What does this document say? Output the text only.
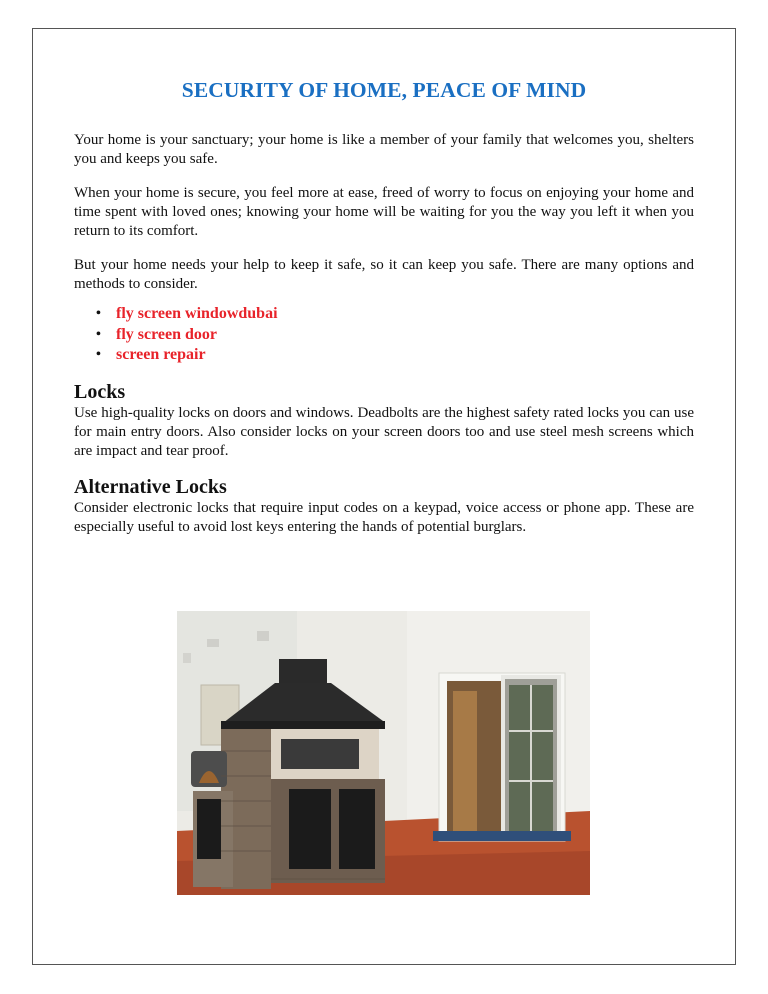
SECURITY OF HOME, PEACE OF MIND

Your home is your sanctuary; your home is like a member of your family that welcomes you, shelters you and keeps you safe.

When your home is secure, you feel more at ease, freed of worry to focus on enjoying your home and time spent with loved ones; knowing your home will be waiting for you the way you left it when you return to its comfort.

But your home needs your help to keep it safe, so it can keep you safe. There are many options and methods to consider.

• fly screen windowdubai
• fly screen door
• screen repair
Locks

Use high-quality locks on doors and windows. Deadbolts are the highest safety rated locks you can use for main entry doors. Also consider locks on your screen doors too and use steel mesh screens which are impact and tear proof.

Alternative Locks

Consider electronic locks that require input codes on a keypad, voice access or phone app. These are especially useful to avoid lost keys entering the hands of potential burglars.
